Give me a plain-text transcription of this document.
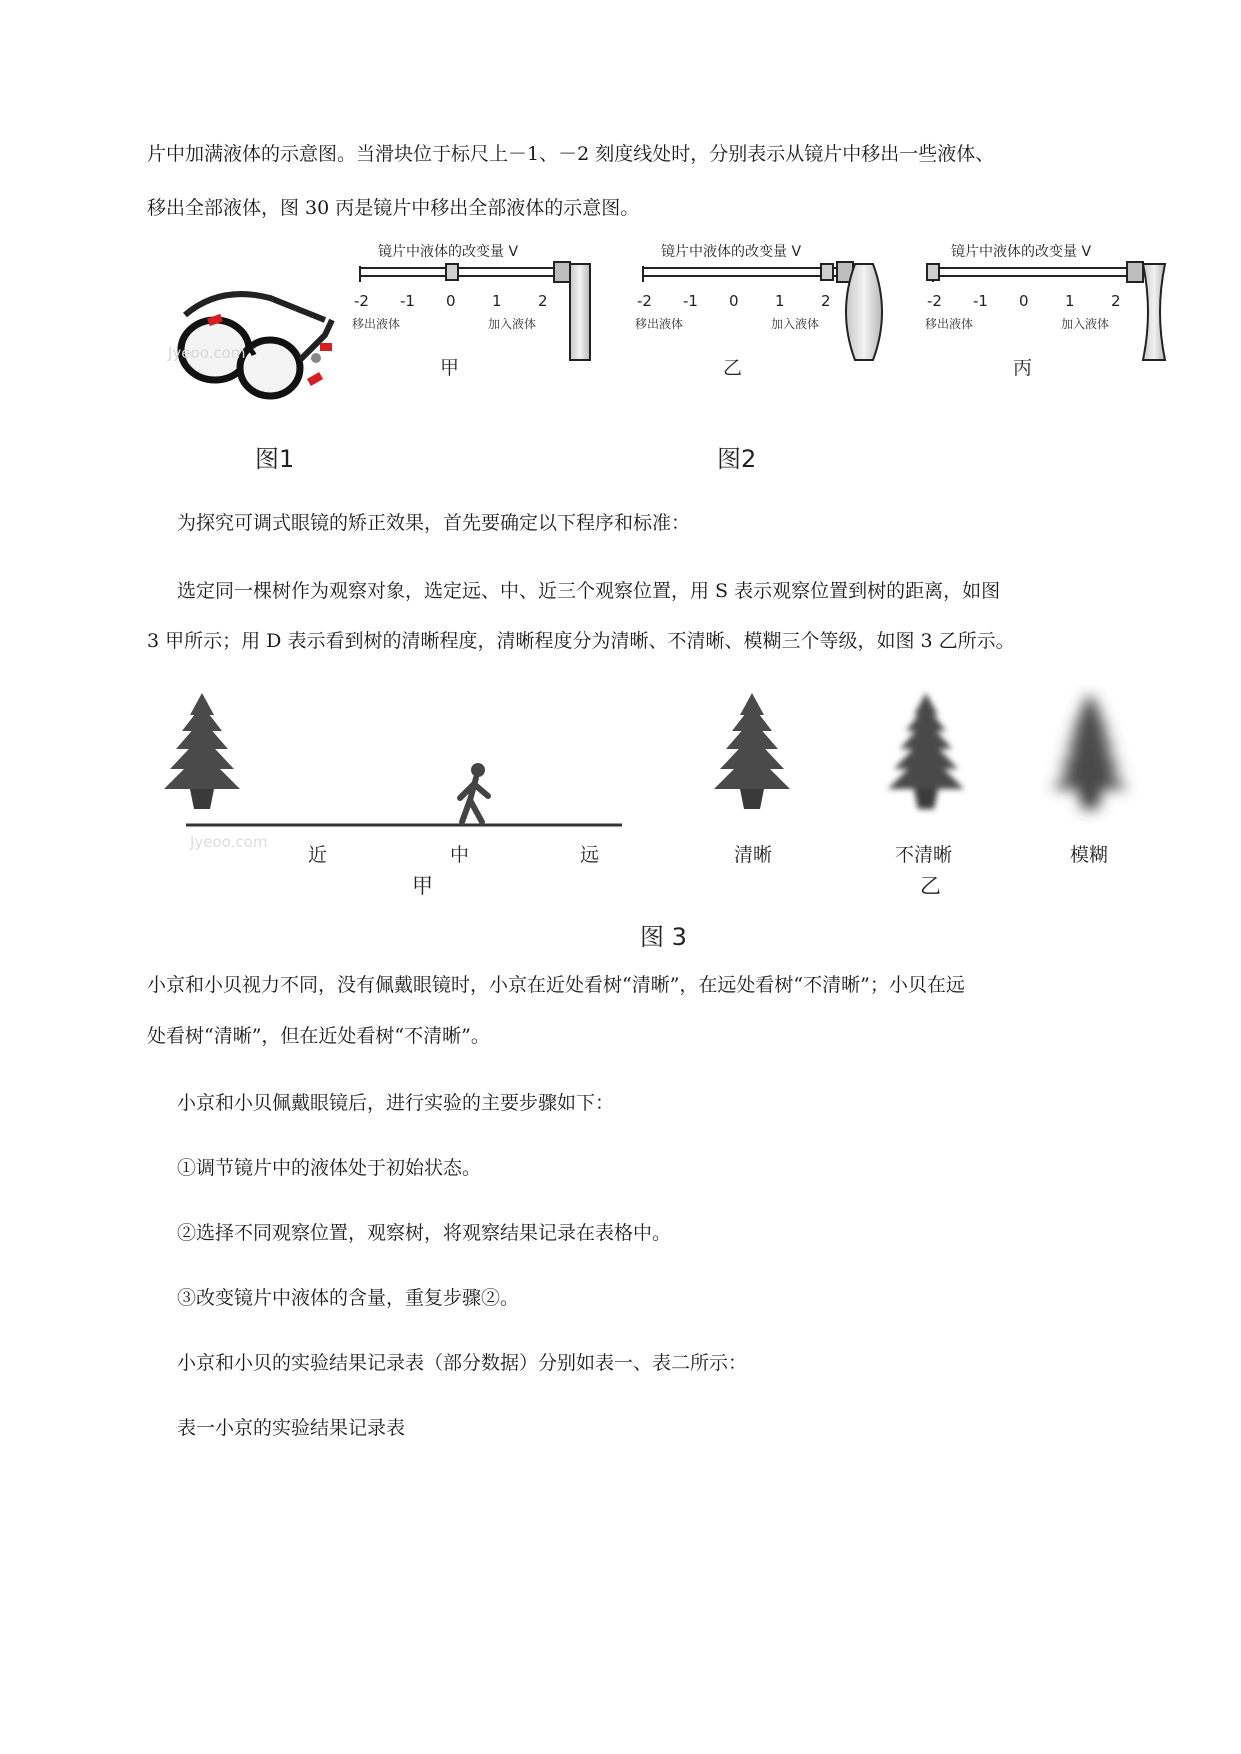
片中加满液体的示意图。当滑块位于标尺上－1、－2 刻度线处时，分别表示从镜片中移出一些液体、
移出全部液体，图 30 丙是镜片中移出全部液体的示意图。
Jyeoo.com
图1	图2
镜片中液体的改变量 V
-2 -1 0 1 2
移出液体	加入液体
甲
镜片中液体的改变量 V
-2 -1 0 1 2
移出液体	加入液体
乙
镜片中液体的改变量 V
-2 -1 0 1 2
移出液体	加入液体
丙
为探究可调式眼镜的矫正效果，首先要确定以下程序和标准：
选定同一棵树作为观察对象，选定远、中、近三个观察位置，用 S 表示观察位置到树的距离，如图
3 甲所示；用 D 表示看到树的清晰程度，清晰程度分为清晰、不清晰、模糊三个等级，如图 3 乙所示。
Jyeoo.com
近	中	远
甲
清晰	不清晰	模糊
乙
图 3
小京和小贝视力不同，没有佩戴眼镜时，小京在近处看树“清晰”，在远处看树“不清晰”；小贝在远
处看树“清晰”，但在近处看树“不清晰”。
小京和小贝佩戴眼镜后，进行实验的主要步骤如下：
①调节镜片中的液体处于初始状态。
②选择不同观察位置，观察树，将观察结果记录在表格中。
③改变镜片中液体的含量，重复步骤②。
小京和小贝的实验结果记录表（部分数据）分别如表一、表二所示：
表一小京的实验结果记录表
